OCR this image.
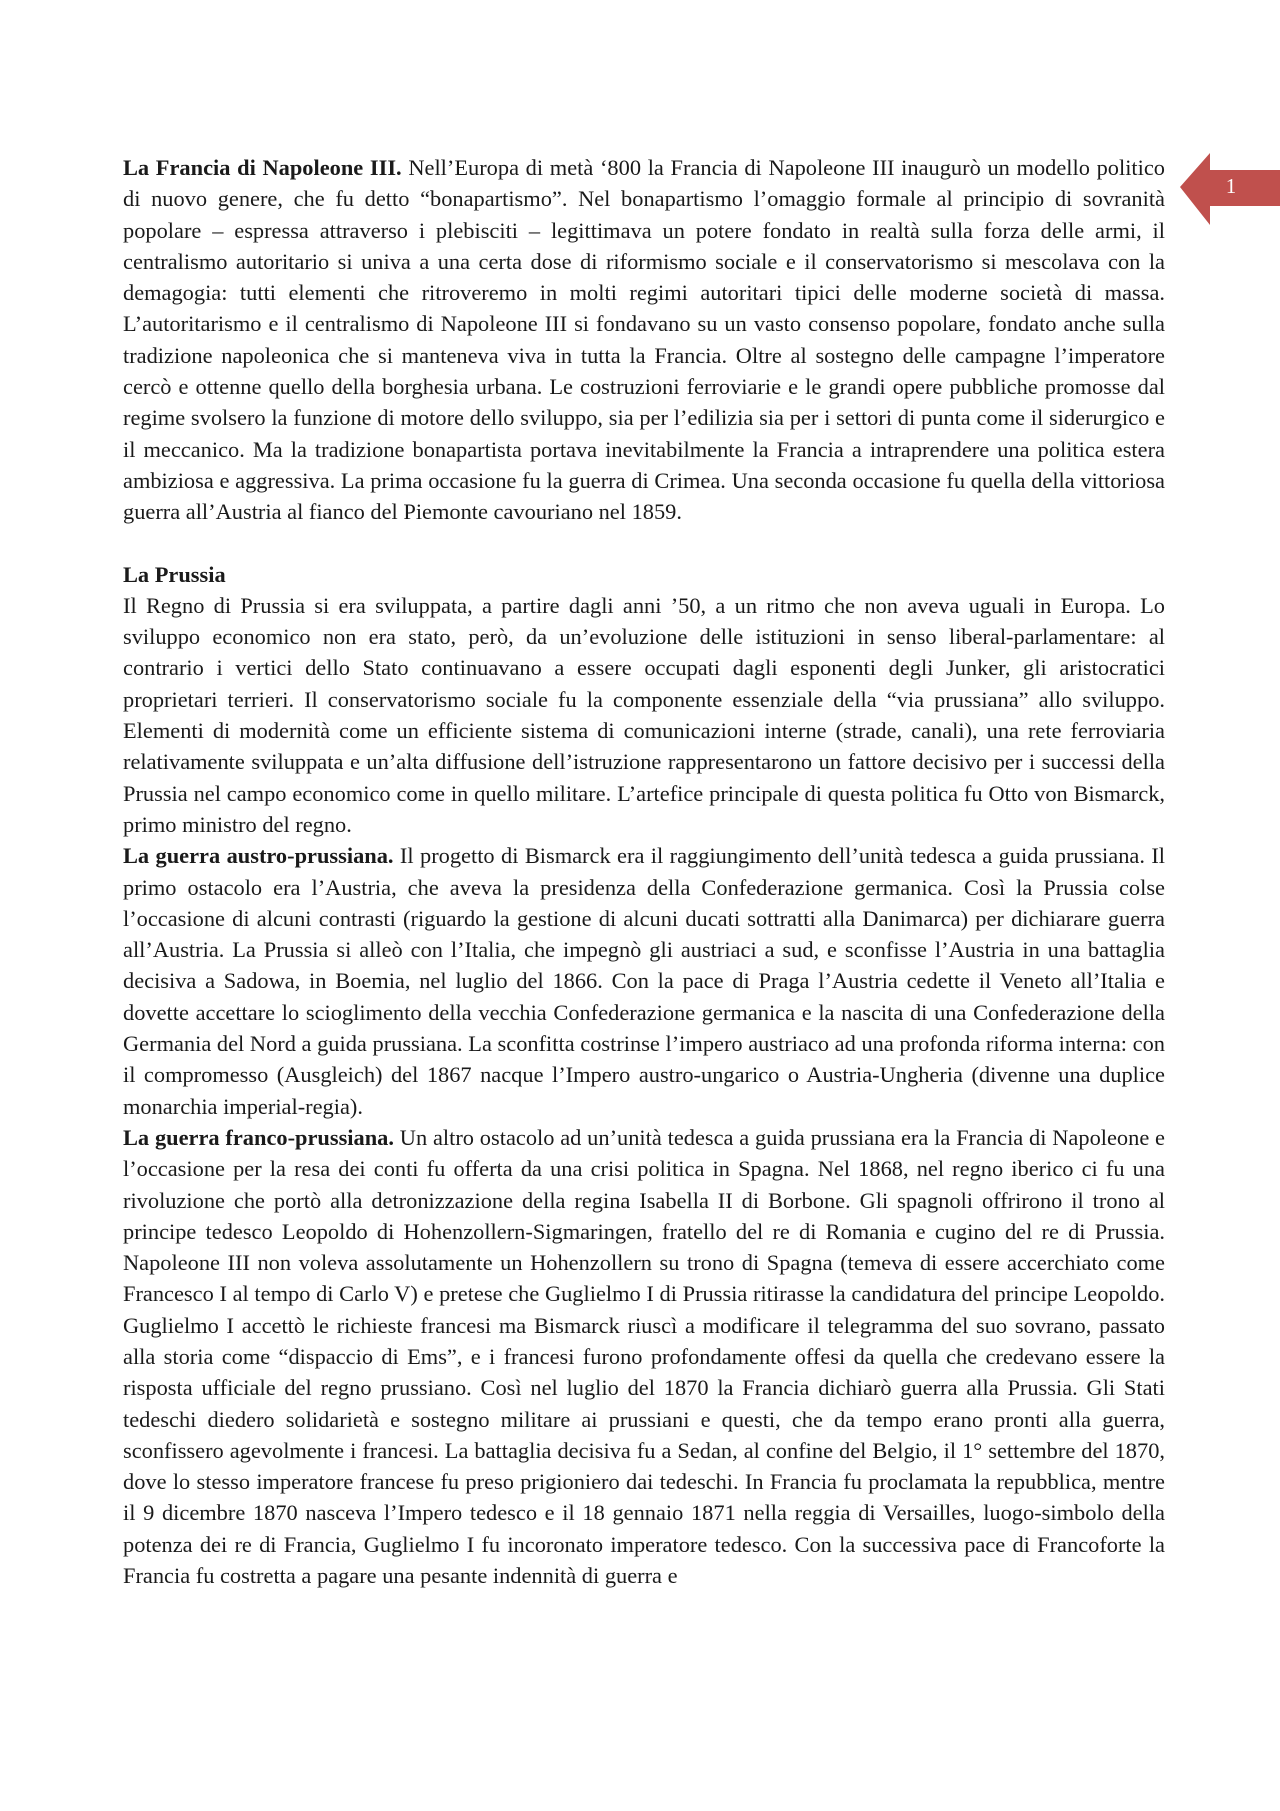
1

La Francia di Napoleone III. Nell’Europa di metà ‘800 la Francia di Napoleone III inaugurò un modello politico di nuovo genere, che fu detto “bonapartismo”. Nel bonapartismo l’omaggio formale al principio di sovranità popolare – espressa attraverso i plebisciti – legittimava un potere fondato in realtà sulla forza delle armi, il centralismo autoritario si univa a una certa dose di riformismo sociale e il conservatorismo si mescolava con la demagogia: tutti elementi che ritroveremo in molti regimi autoritari tipici delle moderne società di massa. L’autoritarismo e il centralismo di Napoleone III si fondavano su un vasto consenso popolare, fondato anche sulla tradizione napoleonica che si manteneva viva in tutta la Francia. Oltre al sostegno delle campagne l’imperatore cercò e ottenne quello della borghesia urbana. Le costruzioni ferroviarie e le grandi opere pubbliche promosse dal regime svolsero la funzione di motore dello sviluppo, sia per l’edilizia sia per i settori di punta come il siderurgico e il meccanico. Ma la tradizione bonapartista portava inevitabilmente la Francia a intraprendere una politica estera ambiziosa e aggressiva. La prima occasione fu la guerra di Crimea. Una seconda occasione fu quella della vittoriosa guerra all’Austria al fianco del Piemonte cavouriano nel 1859.

La Prussia

Il Regno di Prussia si era sviluppata, a partire dagli anni ’50, a un ritmo che non aveva uguali in Europa. Lo sviluppo economico non era stato, però, da un’evoluzione delle istituzioni in senso liberal-parlamentare: al contrario i vertici dello Stato continuavano a essere occupati dagli esponenti degli Junker, gli aristocratici proprietari terrieri. Il conservatorismo sociale fu la componente essenziale della “via prussiana” allo sviluppo. Elementi di modernità come un efficiente sistema di comunicazioni interne (strade, canali), una rete ferroviaria relativamente sviluppata e un’alta diffusione dell’istruzione rappresentarono un fattore decisivo per i successi della Prussia nel campo economico come in quello militare. L’artefice principale di questa politica fu Otto von Bismarck, primo ministro del regno.

La guerra austro-prussiana. Il progetto di Bismarck era il raggiungimento dell’unità tedesca a guida prussiana. Il primo ostacolo era l’Austria, che aveva la presidenza della Confederazione germanica. Così la Prussia colse l’occasione di alcuni contrasti (riguardo la gestione di alcuni ducati sottratti alla Danimarca) per dichiarare guerra all’Austria. La Prussia si alleò con l’Italia, che impegnò gli austriaci a sud, e sconfisse l’Austria in una battaglia decisiva a Sadowa, in Boemia, nel luglio del 1866. Con la pace di Praga l’Austria cedette il Veneto all’Italia e dovette accettare lo scioglimento della vecchia Confederazione germanica e la nascita di una Confederazione della Germania del Nord a guida prussiana. La sconfitta costrinse l’impero austriaco ad una profonda riforma interna: con il compromesso (Ausgleich) del 1867 nacque l’Impero austro-ungarico o Austria-Ungheria (divenne una duplice monarchia imperial-regia).

La guerra franco-prussiana. Un altro ostacolo ad un’unità tedesca a guida prussiana era la Francia di Napoleone e l’occasione per la resa dei conti fu offerta da una crisi politica in Spagna. Nel 1868, nel regno iberico ci fu una rivoluzione che portò alla detronizzazione della regina Isabella II di Borbone. Gli spagnoli offrirono il trono al principe tedesco Leopoldo di Hohenzollern-Sigmaringen, fratello del re di Romania e cugino del re di Prussia. Napoleone III non voleva assolutamente un Hohenzollern su trono di Spagna (temeva di essere accerchiato come Francesco I al tempo di Carlo V) e pretese che Guglielmo I di Prussia ritirasse la candidatura del principe Leopoldo. Guglielmo I accettò le richieste francesi ma Bismarck riuscì a modificare il telegramma del suo sovrano, passato alla storia come “dispaccio di Ems”, e i francesi furono profondamente offesi da quella che credevano essere la risposta ufficiale del regno prussiano. Così nel luglio del 1870 la Francia dichiarò guerra alla Prussia. Gli Stati tedeschi diedero solidarietà e sostegno militare ai prussiani e questi, che da tempo erano pronti alla guerra, sconfissero agevolmente i francesi. La battaglia decisiva fu a Sedan, al confine del Belgio, il 1° settembre del 1870, dove lo stesso imperatore francese fu preso prigioniero dai tedeschi. In Francia fu proclamata la repubblica, mentre il 9 dicembre 1870 nasceva l’Impero tedesco e il 18 gennaio 1871 nella reggia di Versailles, luogo-simbolo della potenza dei re di Francia, Guglielmo I fu incoronato imperatore tedesco. Con la successiva pace di Francoforte la Francia fu costretta a pagare una pesante indennità di guerra e
